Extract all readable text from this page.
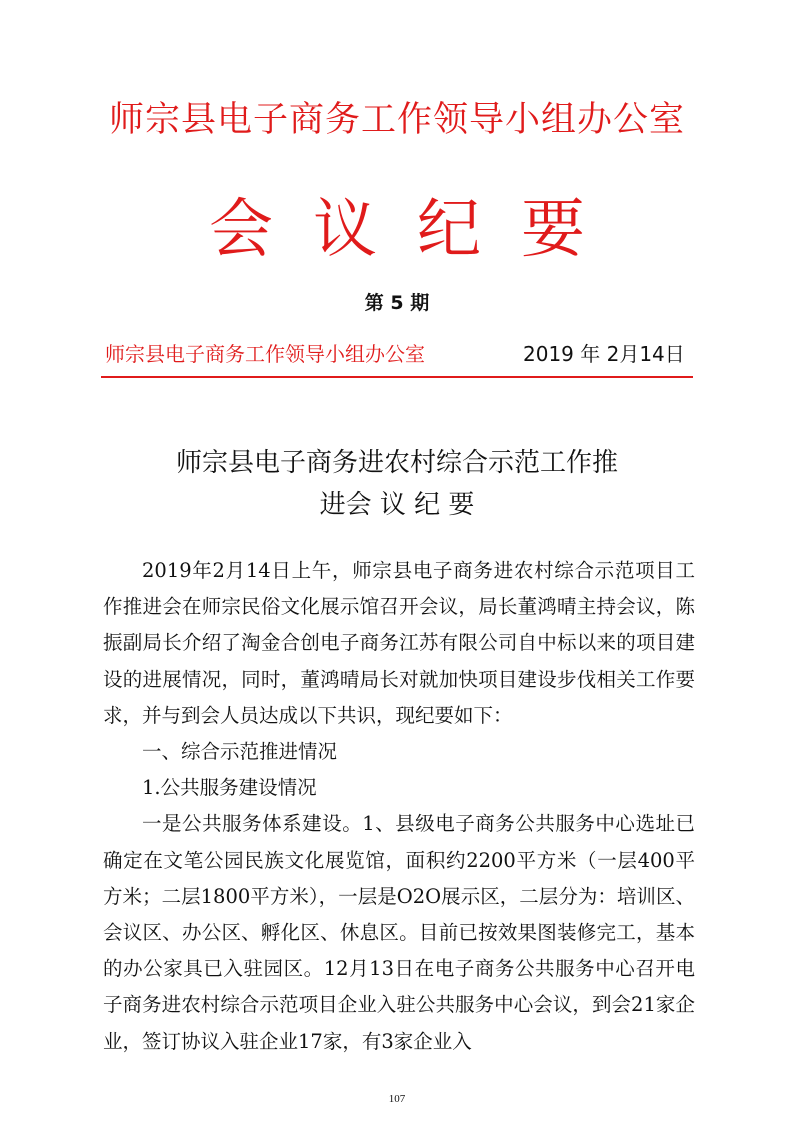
师宗县电子商务工作领导小组办公室
会议纪要
第 5 期
师宗县电子商务工作领导小组办公室	2019 年 2月14日
师宗县电子商务进农村综合示范工作推
进会 议 纪 要

2019年2月14日上午，师宗县电子商务进农村综合示范项目工作推进会在师宗民俗文化展示馆召开会议，局长董鸿晴主持会议，陈振副局长介绍了淘金合创电子商务江苏有限公司自中标以来的项目建设的进展情况，同时，董鸿晴局长对就加快项目建设步伐相关工作要求，并与到会人员达成以下共识，现纪要如下：

一、综合示范推进情况

1.公共服务建设情况

一是公共服务体系建设。1、县级电子商务公共服务中心选址已确定在文笔公园民族文化展览馆，面积约2200平方米（一层400平方米；二层1800平方米），一层是O2O展示区，二层分为：培训区、会议区、办公区、孵化区、休息区。目前已按效果图装修完工，基本的办公家具已入驻园区。12月13日在电子商务公共服务中心召开电子商务进农村综合示范项目企业入驻公共服务中心会议，到会21家企业，签订协议入驻企业17家，有3家企业入

107
